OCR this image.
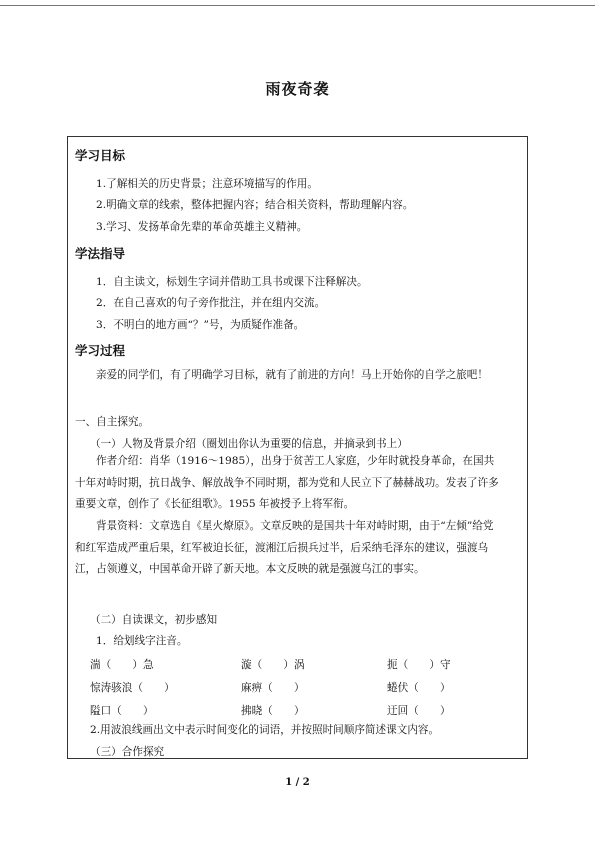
雨夜奇袭
学习目标
1.了解相关的历史背景；注意环境描写的作用。
2.明确文章的线索，整体把握内容；结合相关资料，帮助理解内容。
3.学习、发扬革命先辈的革命英雄主义精神。
学法指导
1．自主读文，标划生字词并借助工具书或课下注释解决。
2．在自己喜欢的句子旁作批注，并在组内交流。
3．不明白的地方画“？”号，为质疑作准备。
学习过程
亲爱的同学们，有了明确学习目标，就有了前进的方向！马上开始你的自学之旅吧！
一、自主探究。
（一）人物及背景介绍（圈划出你认为重要的信息，并摘录到书上）
作者介绍：肖华（1916～1985），出身于贫苦工人家庭，少年时就投身革命，在国共十年对峙时期，抗日战争、解放战争不同时期，都为党和人民立下了赫赫战功。发表了许多重要文章，创作了《长征组歌》。1955 年被授予上将军衔。
背景资料：文章选自《星火燎原》。文章反映的是国共十年对峙时期，由于“左倾”给党和红军造成严重后果，红军被迫长征，渡湘江后损兵过半，后采纳毛泽东的建议，强渡乌江，占领遵义，中国革命开辟了新天地。本文反映的就是强渡乌江的事实。
（二）自读课文，初步感知
1．给划线字注音。
湍（　　）急	漩（　　）涡	扼（　　）守
惊涛骇浪（　　）	麻痹（　　）	蜷伏（　　）
隘口（　　）	拂晓（　　）	迂回（　　）
2.用波浪线画出文中表示时间变化的词语，并按照时间顺序简述课文内容。
（三）合作探究
1 / 2
